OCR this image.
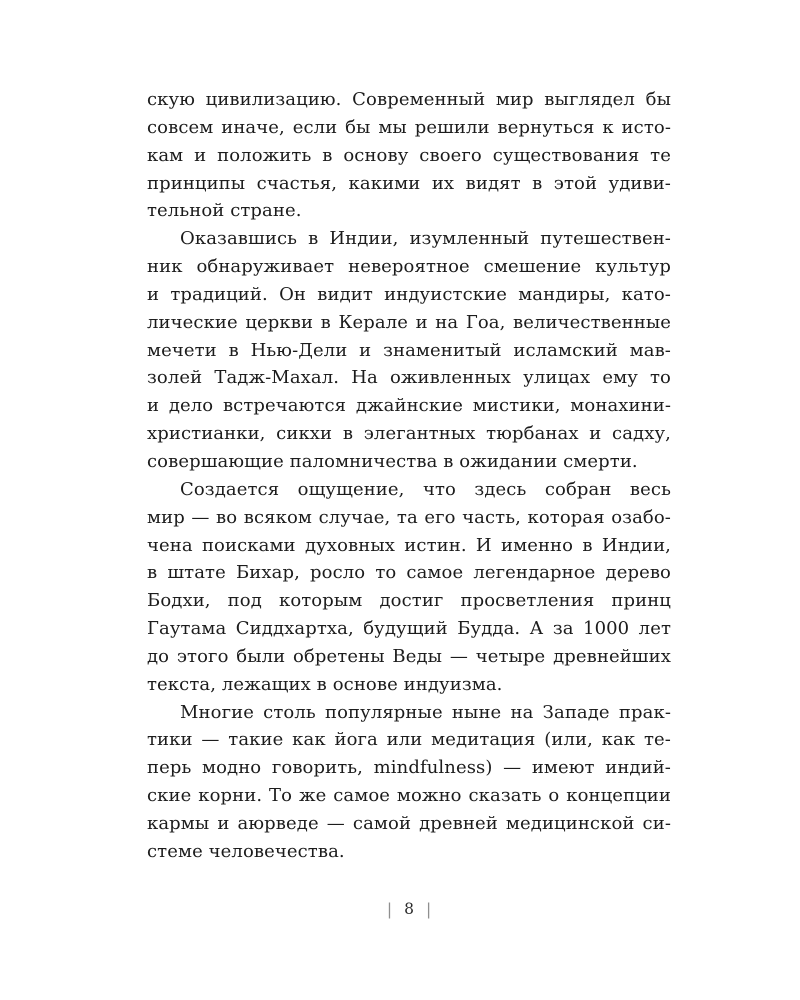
скую цивилизацию. Современный мир выглядел бы
совсем иначе, если бы мы решили вернуться к исто-
кам и положить в основу своего существования те
принципы счастья, какими их видят в этой удиви-
тельной стране.
Оказавшись в Индии, изумленный путешествен-
ник обнаруживает невероятное смешение культур
и традиций. Он видит индуистские мандиры, като-
лические церкви в Керале и на Гоа, величественные
мечети в Нью-Дели и знаменитый исламский мав-
золей Тадж-Махал. На оживленных улицах ему то
и дело встречаются джайнские мистики, монахини-
христианки, сикхи в элегантных тюрбанах и садху,
совершающие паломничества в ожидании смерти.
Создается ощущение, что здесь собран весь
мир — во всяком случае, та его часть, которая озабо-
чена поисками духовных истин. И именно в Индии,
в штате Бихар, росло то самое легендарное дерево
Бодхи, под которым достиг просветления принц
Гаутама Сиддхартха, будущий Будда. А за 1000 лет
до этого были обретены Веды — четыре древнейших
текста, лежащих в основе индуизма.
Многие столь популярные ныне на Западе прак-
тики — такие как йога или медитация (или, как те-
перь модно говорить, mindfulness) — имеют индий-
ские корни. То же самое можно сказать о концепции
кармы и аюрведе — самой древней медицинской си-
стеме человечества.
| 8 |
